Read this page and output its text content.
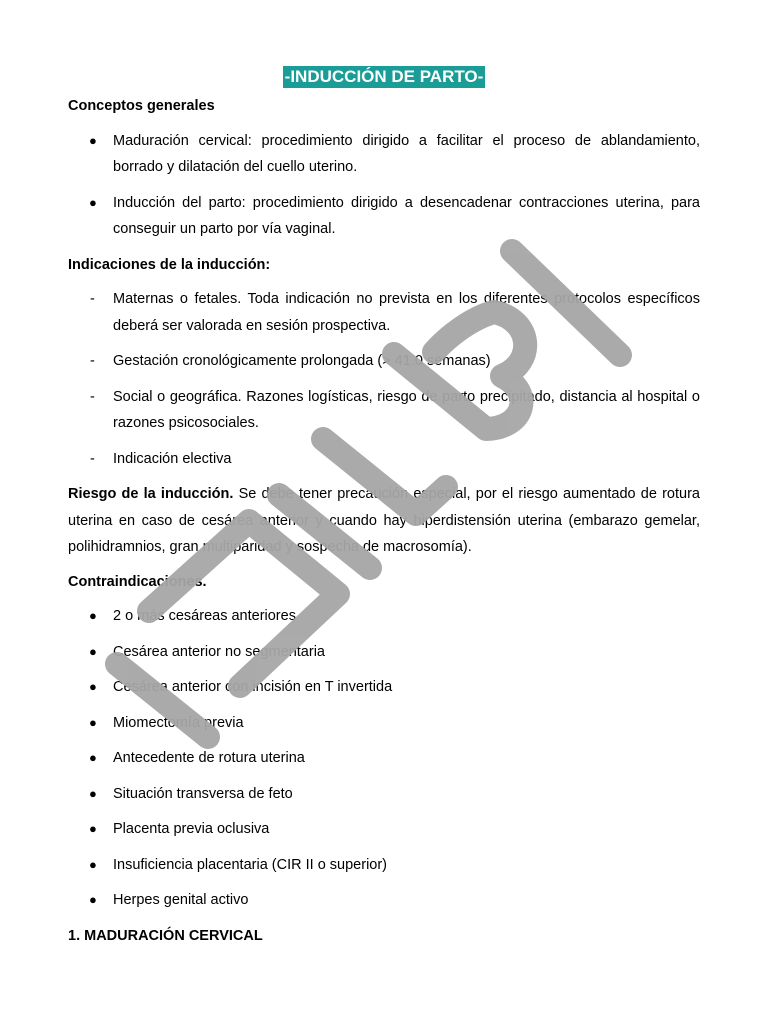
-INDUCCIÓN DE PARTO-
Conceptos generales
● Maduración cervical: procedimiento dirigido a facilitar el proceso de ablandamiento, borrado y dilatación del cuello uterino.
● Inducción del parto: procedimiento dirigido a desencadenar contracciones uterina, para conseguir un parto por vía vaginal.
Indicaciones de la inducción:
- Maternas o fetales. Toda indicación no prevista en los diferentes protocolos específicos deberá ser valorada en sesión prospectiva.
- Gestación cronológicamente prolongada (> 41.0 semanas)
- Social o geográfica. Razones logísticas, riesgo de parto precipitado, distancia al hospital o razones psicosociales.
- Indicación electiva

Riesgo de la inducción. Se debe tener precaución especial, por el riesgo aumentado de rotura uterina en caso de cesárea anterior y cuando hay hiperdistensión uterina (embarazo gemelar, polihidramnios, gran multiparidad y sospecha de macrosomía).

Contraindicaciones.
● 2 o más cesáreas anteriores
● Cesárea anterior no segmentaria
● Cesárea anterior con incisión en T invertida
● Miomectomía previa
● Antecedente de rotura uterina
● Situación transversa de feto
● Placenta previa oclusiva
● Insuficiencia placentaria (CIR II o superior)
● Herpes genital activo
1. MADURACIÓN CERVICAL
